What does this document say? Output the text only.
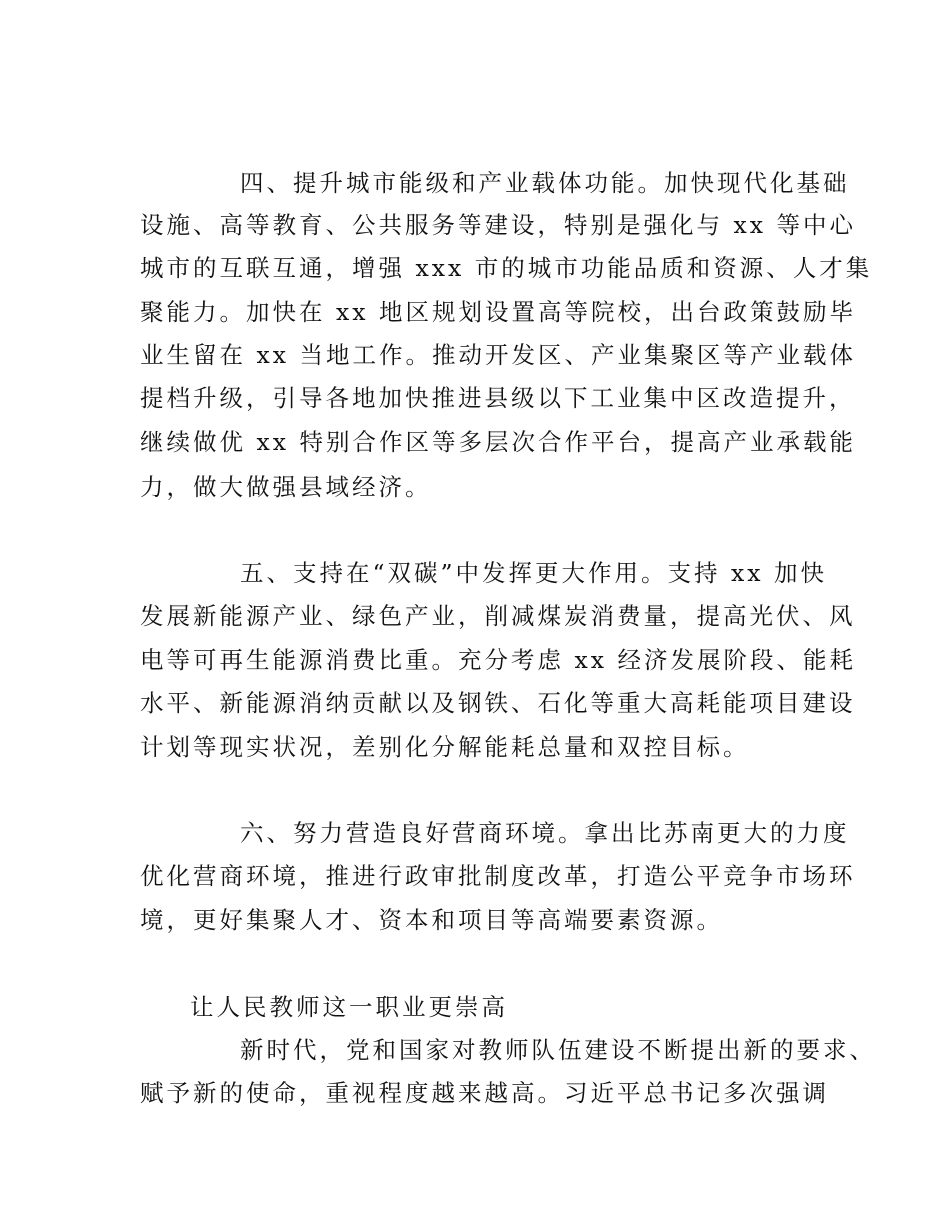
四、提升城市能级和产业载体功能。加快现代化基础
设施、高等教育、公共服务等建设，特别是强化与 xx 等中心
城市的互联互通，增强 xxx 市的城市功能品质和资源、人才集
聚能力。加快在 xx 地区规划设置高等院校，出台政策鼓励毕
业生留在 xx 当地工作。推动开发区、产业集聚区等产业载体
提档升级，引导各地加快推进县级以下工业集中区改造提升，
继续做优 xx 特别合作区等多层次合作平台，提高产业承载能
力，做大做强县域经济。
五、支持在“双碳”中发挥更大作用。支持 xx 加快
发展新能源产业、绿色产业，削减煤炭消费量，提高光伏、风
电等可再生能源消费比重。充分考虑 xx 经济发展阶段、能耗
水平、新能源消纳贡献以及钢铁、石化等重大高耗能项目建设
计划等现实状况，差别化分解能耗总量和双控目标。
六、努力营造良好营商环境。拿出比苏南更大的力度
优化营商环境，推进行政审批制度改革，打造公平竞争市场环
境，更好集聚人才、资本和项目等高端要素资源。
让人民教师这一职业更崇高
新时代，党和国家对教师队伍建设不断提出新的要求、
赋予新的使命，重视程度越来越高。习近平总书记多次强调
